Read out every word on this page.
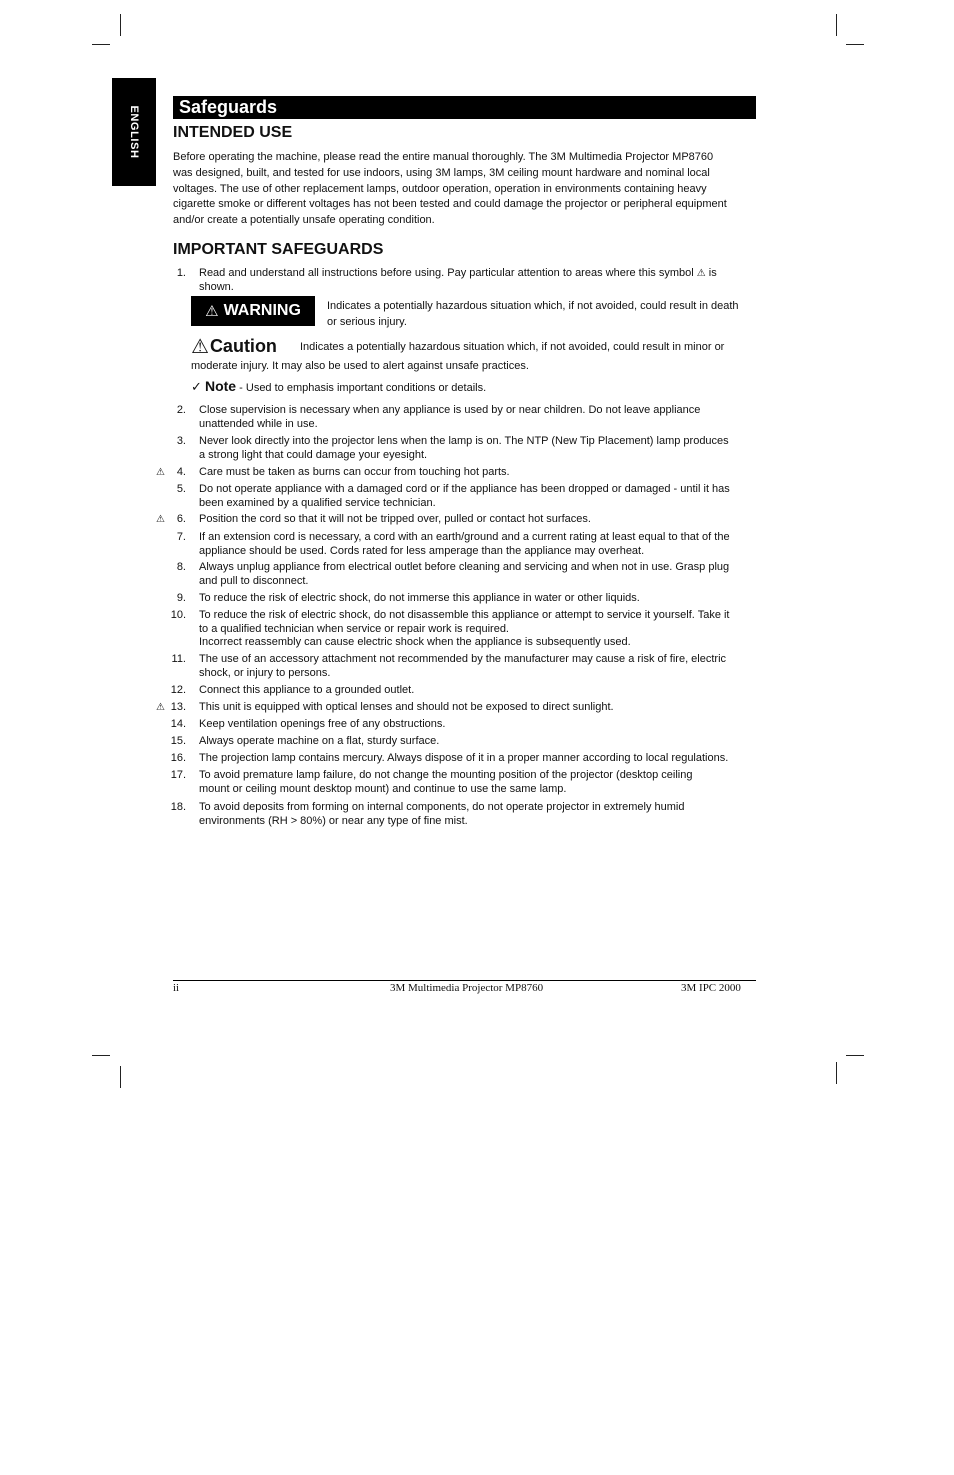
ENGLISH Safeguards
INTENDED USE
Before operating the machine, please read the entire manual thoroughly. The 3M Multimedia Projector MP8760
was designed, built, and tested for use indoors, using 3M lamps, 3M ceiling mount hardware and nominal local
voltages. The use of other replacement lamps, outdoor operation, operation in environments containing heavy
cigarette smoke or different voltages has not been tested and could damage the projector or peripheral equipment
and/or create a potentially unsafe operating condition.
IMPORTANT SAFEGUARDS
1. Read and understand all instructions before using. Pay particular attention to areas where this symbol ⚠ is
shown.
⚠ WARNING Indicates a potentially hazardous situation which, if not avoided, could result in death
or serious injury.
⚠ Caution Indicates a potentially hazardous situation which, if not avoided, could result in minor or
moderate injury. It may also be used to alert against unsafe practices.
✓ Note - Used to emphasis important conditions or details.
2. Close supervision is necessary when any appliance is used by or near children. Do not leave appliance
unattended while in use.
3. Never look directly into the projector lens when the lamp is on. The NTP (New Tip Placement) lamp produces
a strong light that could damage your eyesight.
⚠	4. Care must be taken as burns can occur from touching hot parts.
5. Do not operate appliance with a damaged cord or if the appliance has been dropped or damaged - until it has
been examined by a qualified service technician.
⚠	6. Position the cord so that it will not be tripped over, pulled or contact hot surfaces.
7. If an extension cord is necessary, a cord with an earth/ground and a current rating at least equal to that of the
appliance should be used. Cords rated for less amperage than the appliance may overheat.
8. Always unplug appliance from electrical outlet before cleaning and servicing and when not in use. Grasp plug
and pull to disconnect.
9. To reduce the risk of electric shock, do not immerse this appliance in water or other liquids.
10. To reduce the risk of electric shock, do not disassemble this appliance or attempt to service it yourself. Take it
to a qualified technician when service or repair work is required.
Incorrect reassembly can cause electric shock when the appliance is subsequently used.
11. The use of an accessory attachment not recommended by the manufacturer may cause a risk of fire, electric
shock, or injury to persons.
12. Connect this appliance to a grounded outlet.
⚠ 13. This unit is equipped with optical lenses and should not be exposed to direct sunlight.
14. Keep ventilation openings free of any obstructions.
15. Always operate machine on a flat, sturdy surface.
16. The projection lamp contains mercury. Always dispose of it in a proper manner according to local regulations.
17. To avoid premature lamp failure, do not change the mounting position of the projector (desktop ceiling
mount or ceiling mount desktop mount) and continue to use the same lamp.
18. To avoid deposits from forming on internal components, do not operate projector in extremely humid
environments (RH > 80%) or near any type of fine mist.
ii	3M Multimedia Projector MP8760	3M IPC 2000
